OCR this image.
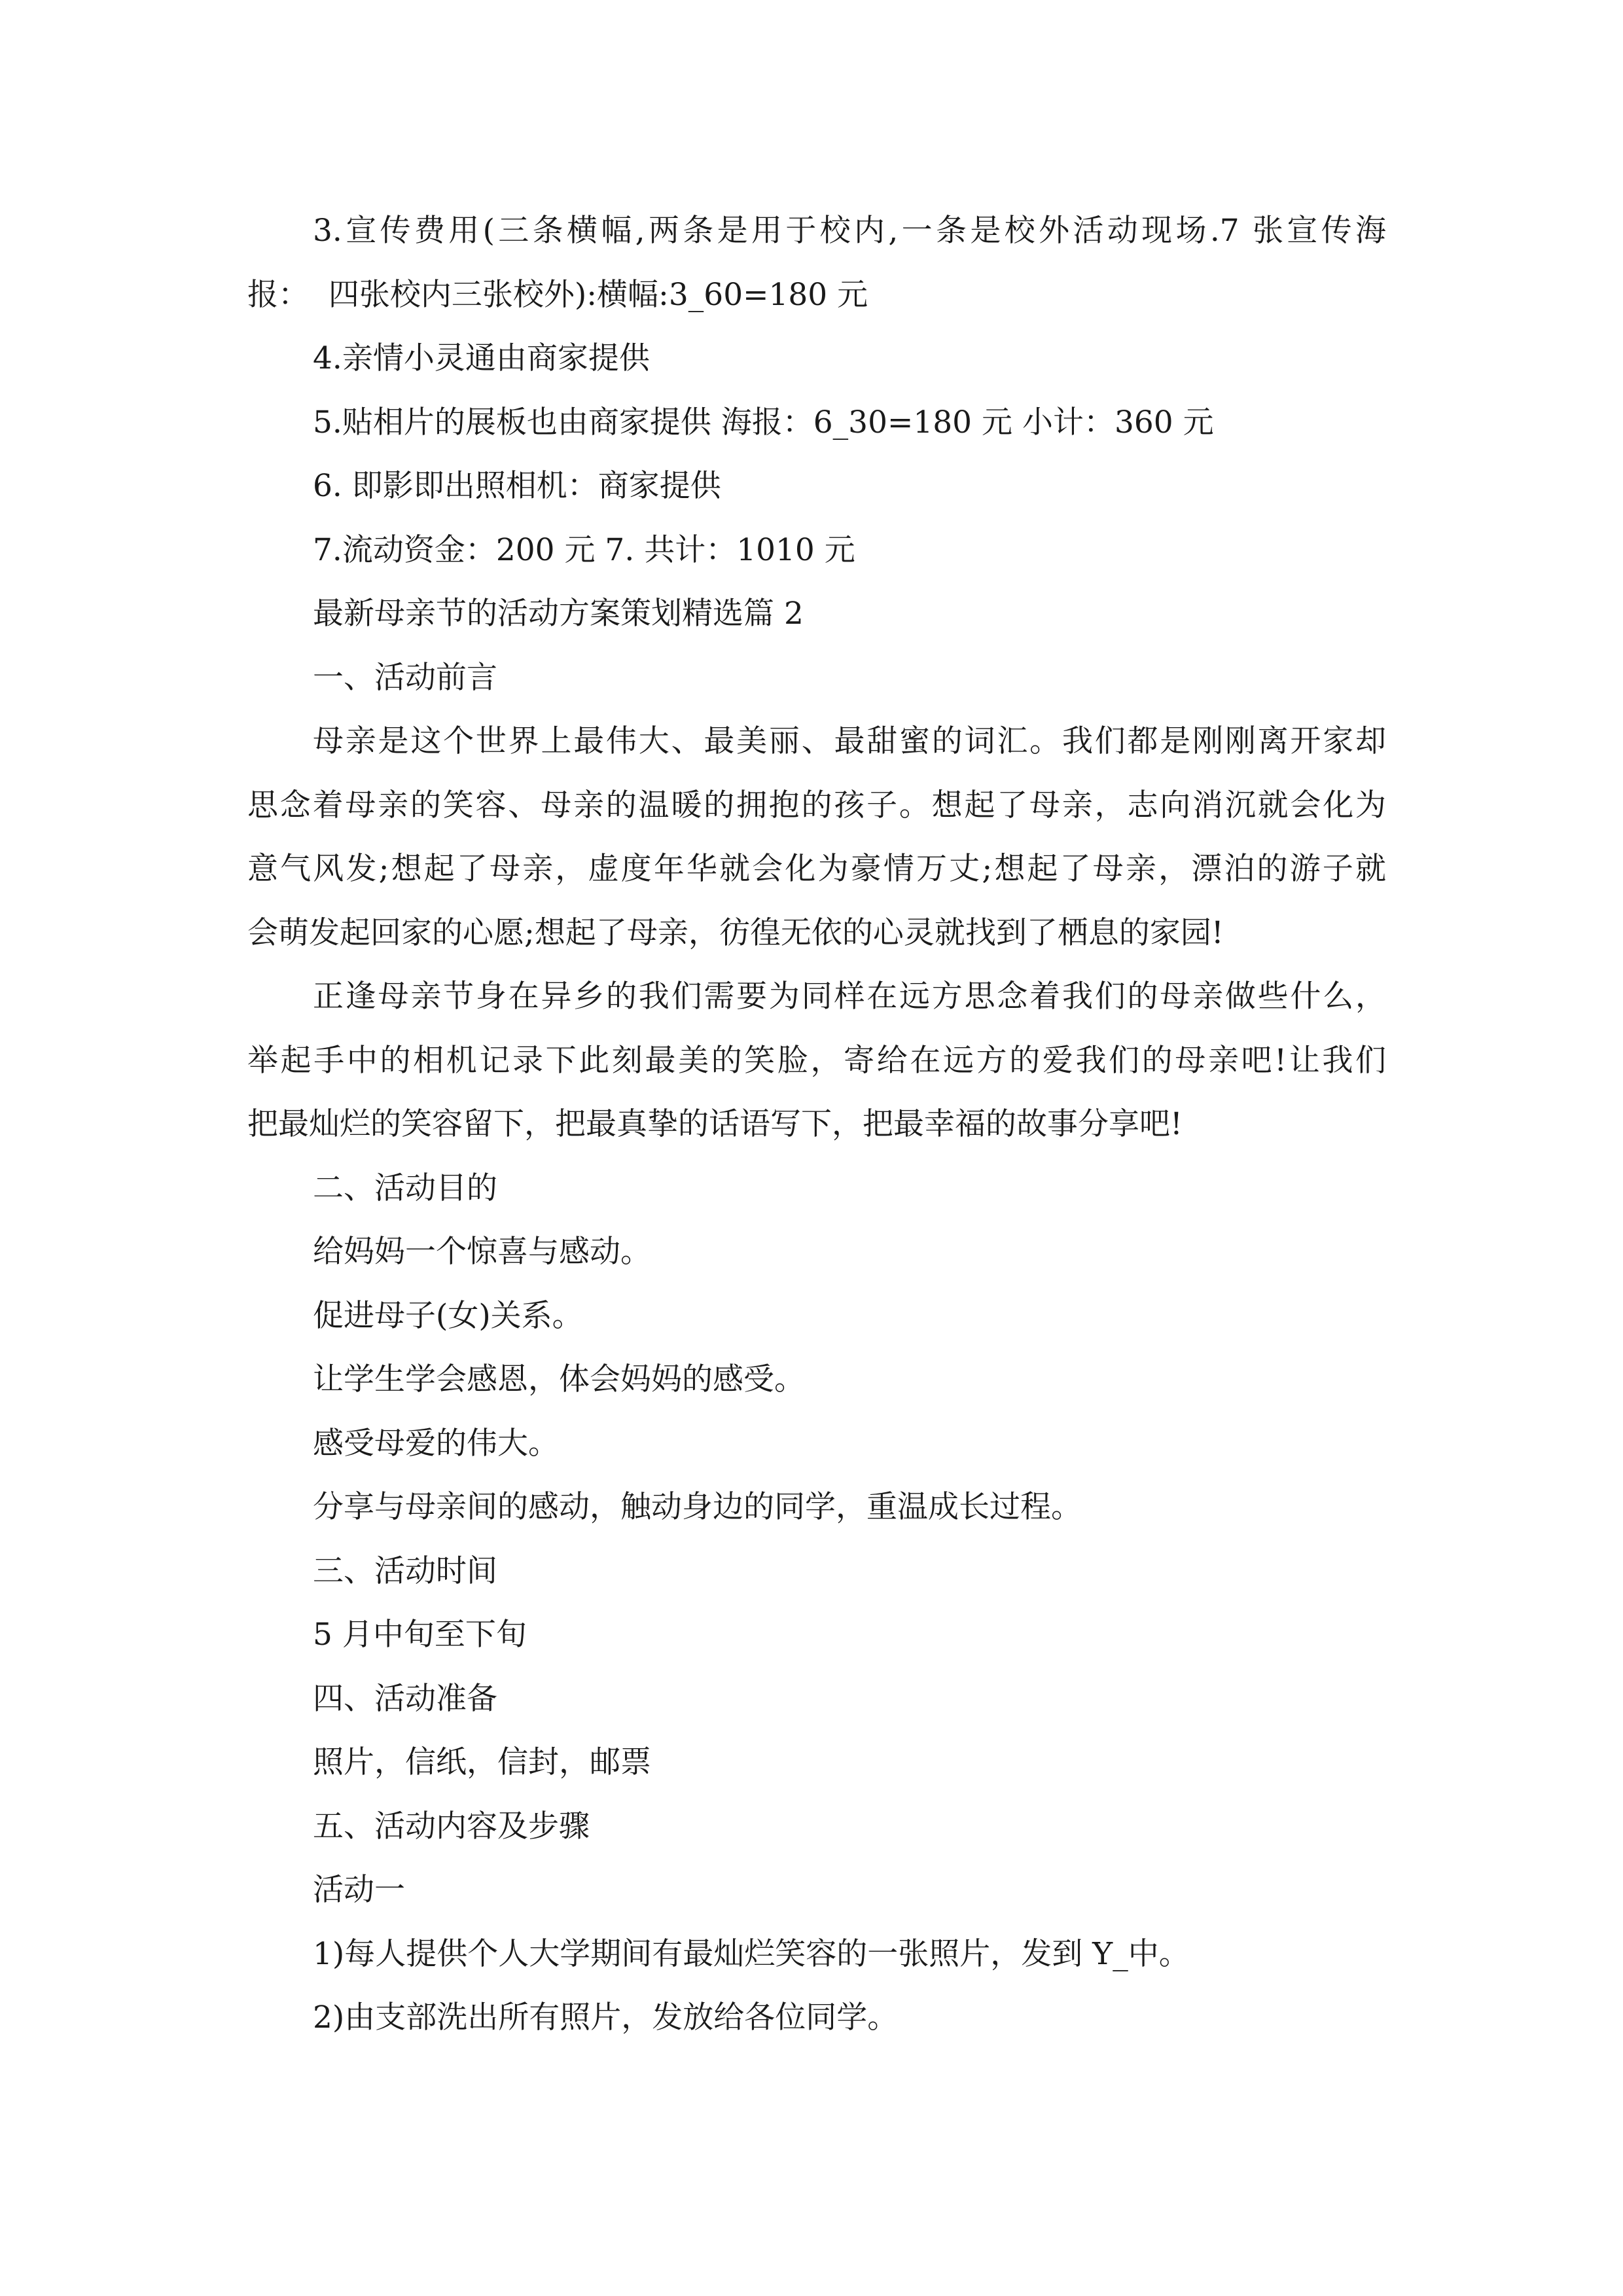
3.宣传费用(三条横幅,两条是用于校内,一条是校外活动现场.7 张宣传海
报：  四张校内三张校外):横幅:3_60=180 元
4.亲情小灵通由商家提供
5.贴相片的展板也由商家提供 海报：6_30=180 元 小计：360 元
6. 即影即出照相机：商家提供
7.流动资金：200 元 7. 共计：1010 元
最新母亲节的活动方案策划精选篇 2
一、活动前言
母亲是这个世界上最伟大、最美丽、最甜蜜的词汇。我们都是刚刚离开家却
思念着母亲的笑容、母亲的温暖的拥抱的孩子。想起了母亲，志向消沉就会化为
意气风发;想起了母亲，虚度年华就会化为豪情万丈;想起了母亲，漂泊的游子就
会萌发起回家的心愿;想起了母亲，彷徨无依的心灵就找到了栖息的家园!
正逢母亲节身在异乡的我们需要为同样在远方思念着我们的母亲做些什么，
举起手中的相机记录下此刻最美的笑脸，寄给在远方的爱我们的母亲吧!让我们
把最灿烂的笑容留下，把最真挚的话语写下，把最幸福的故事分享吧!
二、活动目的
给妈妈一个惊喜与感动。
促进母子(女)关系。
让学生学会感恩，体会妈妈的感受。
感受母爱的伟大。
分享与母亲间的感动，触动身边的同学，重温成长过程。
三、活动时间
5 月中旬至下旬
四、活动准备
照片，信纸，信封，邮票
五、活动内容及步骤
活动一
1)每人提供个人大学期间有最灿烂笑容的一张照片，发到 Y_中。
2)由支部洗出所有照片，发放给各位同学。
